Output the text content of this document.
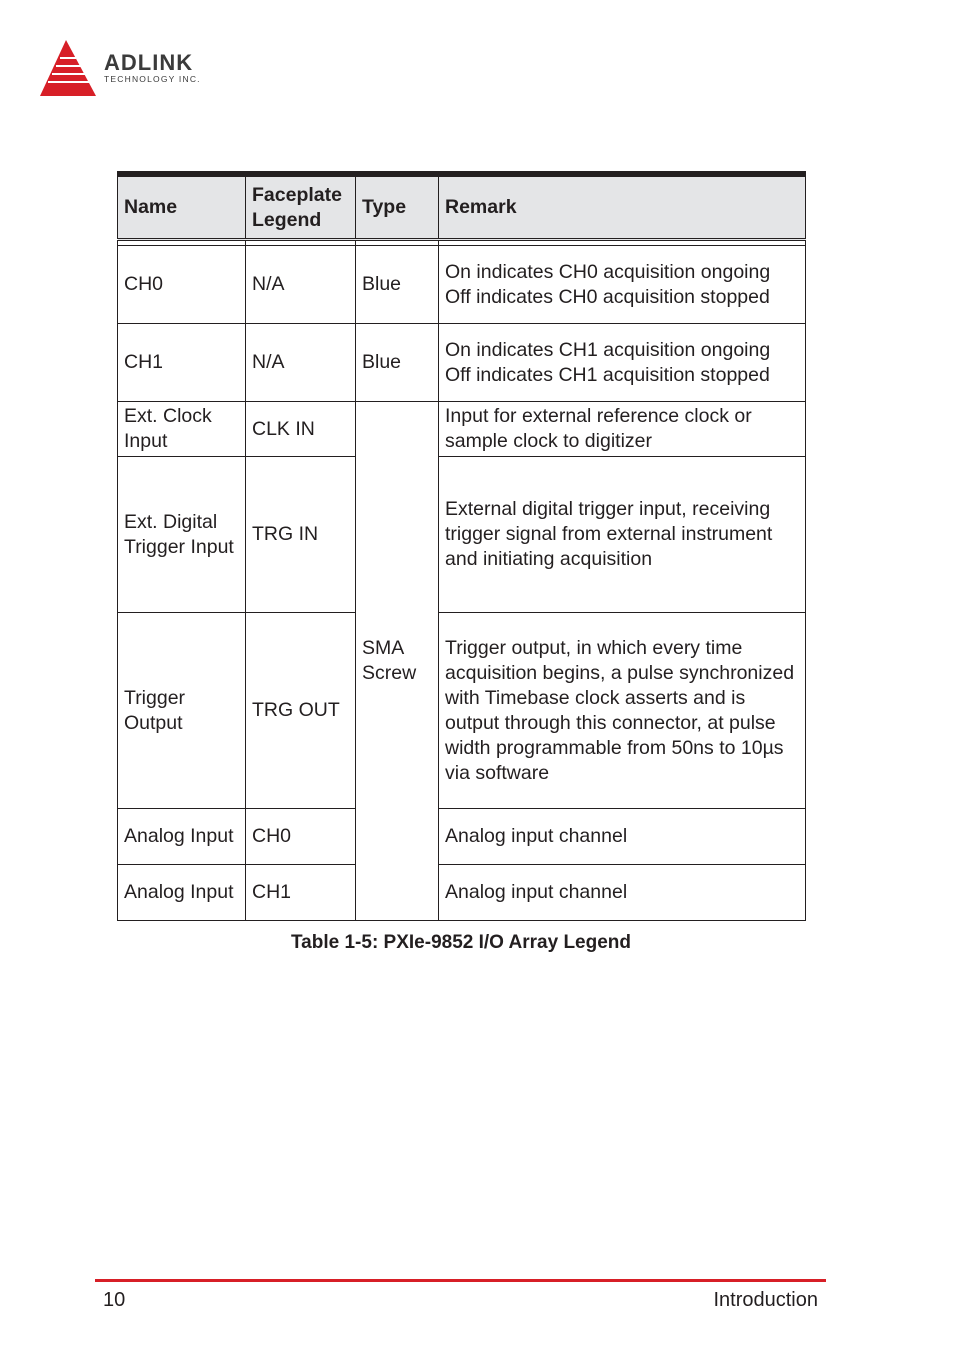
ADLINK
TECHNOLOGY INC.
Name	Faceplate Legend	Type	Remark

CH0	N/A	Blue	On indicates CH0 acquisition ongoing Off indicates CH0 acquisition stopped
CH1	N/A	Blue	On indicates CH1 acquisition ongoing Off indicates CH1 acquisition stopped
Ext. Clock Input	CLK IN	SMA Screw	Input for external reference clock or sample clock to digitizer
Ext. Digital Trigger Input	TRG IN		External digital trigger input, receiving trigger signal from external instrument and initiating acquisition
Trigger Output	TRG OUT		Trigger output, in which every time acquisition begins, a pulse synchronized with Timebase clock asserts and is output through this connector, at pulse width programmable from 50ns to 10µs via software
Analog Input	CH0		Analog input channel
Analog Input	CH1		Analog input channel
Table 1-5: PXIe-9852 I/O Array Legend
10	Introduction
